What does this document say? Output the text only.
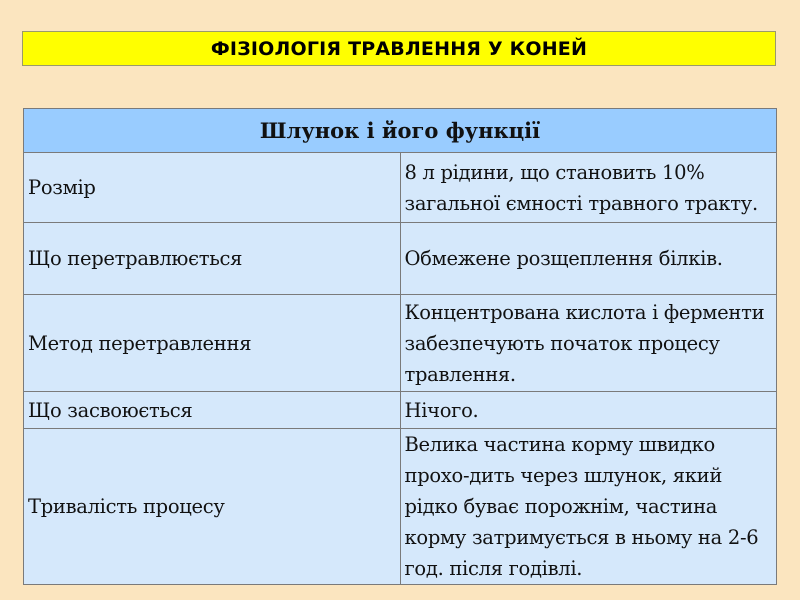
ФІЗІОЛОГІЯ ТРАВЛЕННЯ У КОНЕЙ
Шлунок і його функції	
Розмір	8 л рідини, що становить 10% загальної ємності травного тракту.
Що перетравлюється	Обмежене розщеплення білків.
Метод перетравлення	Концентрована кислота і ферменти забезпечують початок процесу травлення.
Що засвоюється	Нічого.
Тривалість процесу	Велика частина корму швидко прохо-дить через шлунок, який рідко буває порожнім, частина корму затримується в ньому на 2-6 год. після годівлі.
